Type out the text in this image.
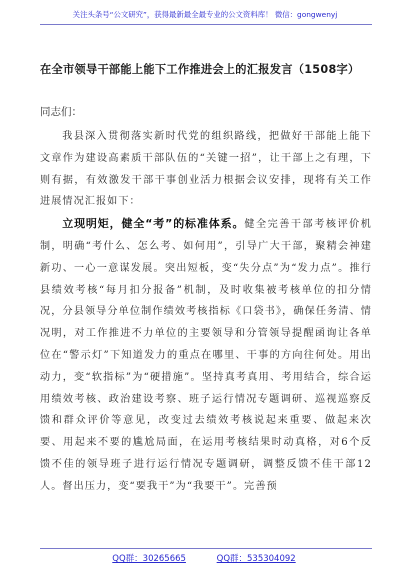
关注头条号“公文研究”，获得最新最全最专业的公文资料库！ 微信：gongwenyj
在全市领导干部能上能下工作推进会上的汇报发言（1508字）
同志们：

我县深入贯彻落实新时代党的组织路线，把做好干部能上能下文章作为建设高素质干部队伍的“关键一招”，让干部上之有理，下则有据，有效激发干部干事创业活力根据会议安排，现将有关工作进展情况汇报如下：

立现明矩，健全“考”的标准体系。健全完善干部考核评价机制，明确“考什么、怎么考、如何用”，引导广大干部，聚精会神建新功、一心一意谋发展。突出短板，变“失分点”为“发力点”。推行县绩效考核“每月扣分报备”机制，及时收集被考核单位的扣分情况，分县领导分单位制作绩效考核指标《口袋书》，确保任务清、情况明，对工作推进不力单位的主要领导和分管领导提醒函询让各单位在“警示灯”下知道发力的重点在哪里、干事的方向往何处。用出动力，变“软指标”为“硬措施”。坚持真考真用、考用结合，综合运用绩效考核、政治建设考察、班子运行情况专题调研、巡视巡察反馈和群众评价等意见，改变过去绩效考核说起来重要、做起来次要、用起来不要的尴尬局面，在运用考核结果时动真格，对6个反馈不佳的领导班子进行运行情况专题调研，调整反馈不佳干部12人。督出压力，变“要我干”为“我要干”。完善预

QQ群：30265665	QQ群：535304092
